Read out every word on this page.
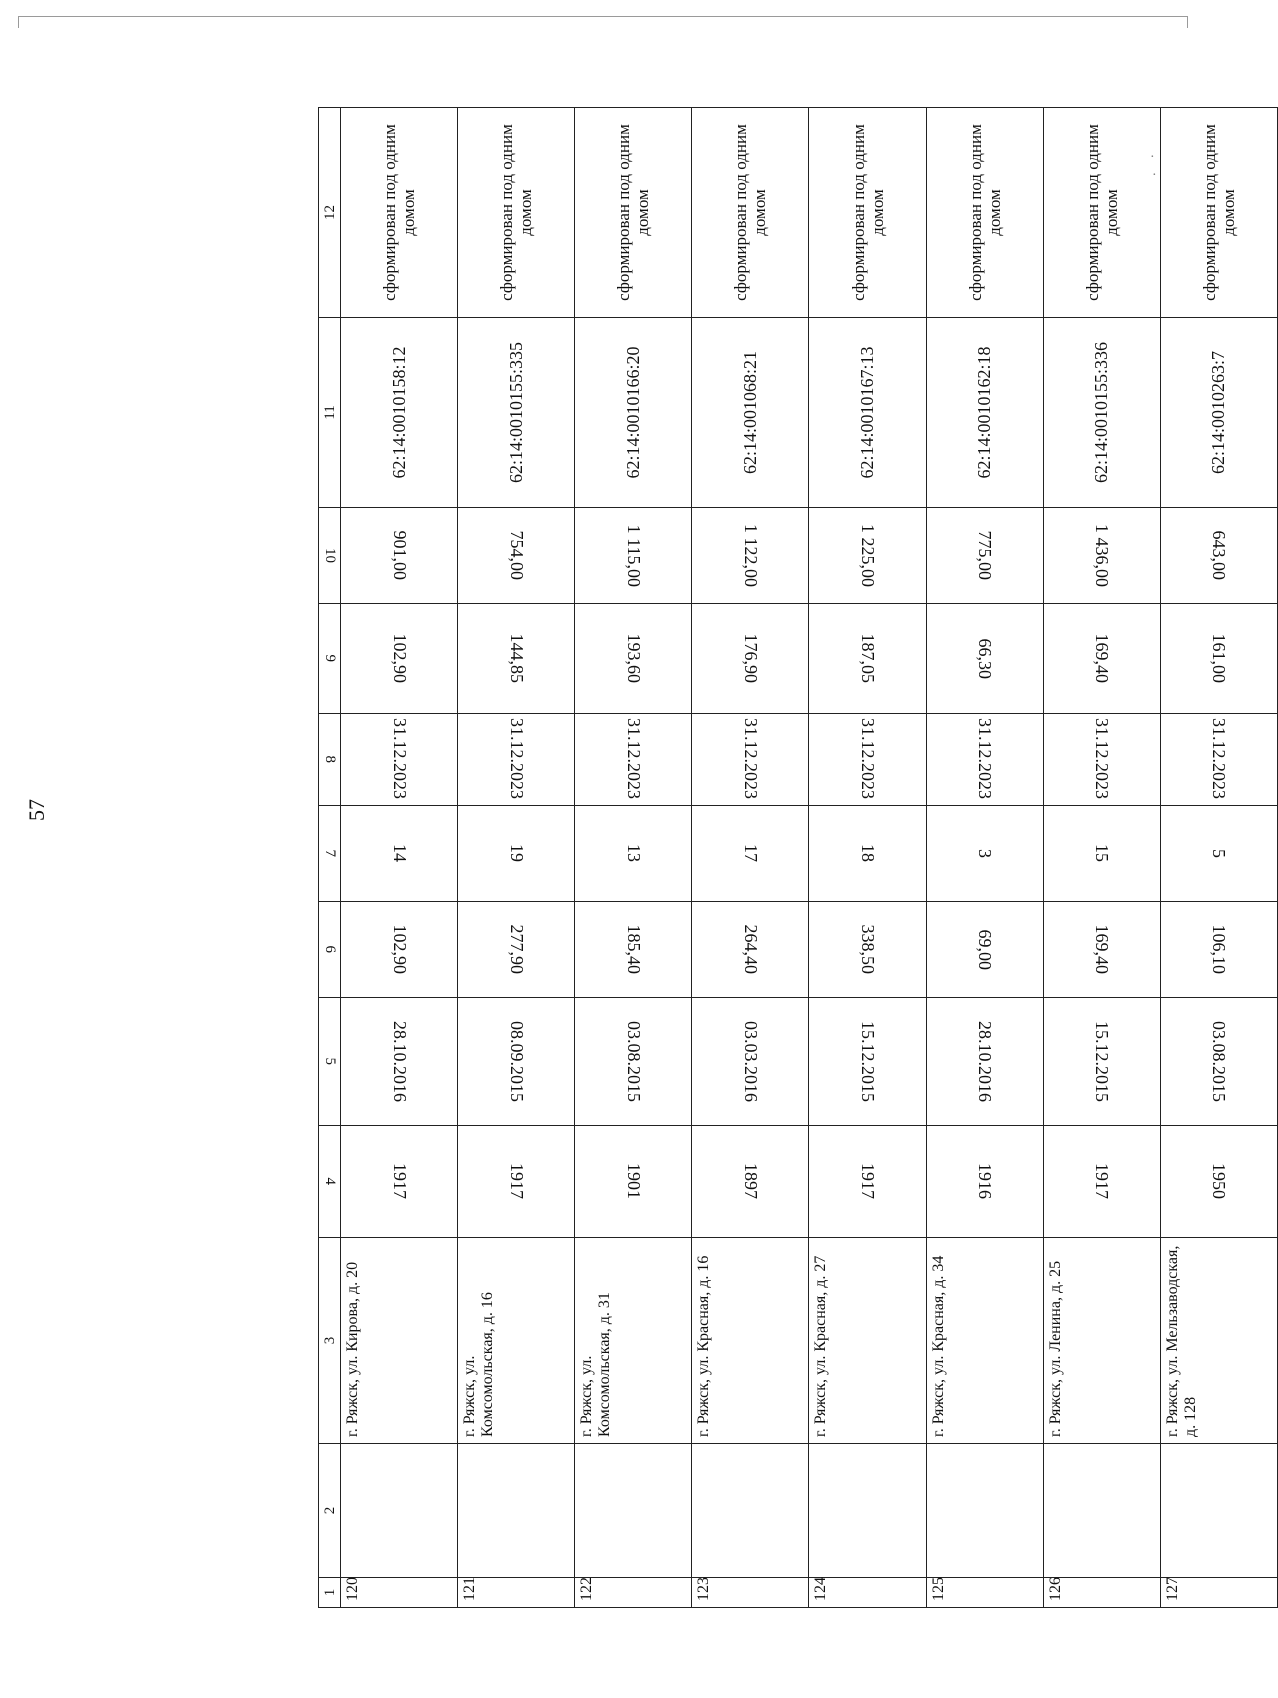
·
·
57
1	2	3	4	5	6	7	8	9	10	11	12
120		г. Ряжск, ул. Кирова, д. 20	1917	28.10.2016	102,90	14	31.12.2023	102,90	901,00	62:14:0010158:12	сформирован под одним домом
121		г. Ряжск, ул. Комсомольская, д. 16	1917	08.09.2015	277,90	19	31.12.2023	144,85	754,00	62:14:0010155:335	сформирован под одним домом
122		г. Ряжск, ул. Комсомольская, д. 31	1901	03.08.2015	185,40	13	31.12.2023	193,60	1 115,00	62:14:0010166:20	сформирован под одним домом
123		г. Ряжск, ул. Красная, д. 16	1897	03.03.2016	264,40	17	31.12.2023	176,90	1 122,00	62:14:001068:21	сформирован под одним домом
124		г. Ряжск, ул. Красная, д. 27	1917	15.12.2015	338,50	18	31.12.2023	187,05	1 225,00	62:14:0010167:13	сформирован под одним домом
125		г. Ряжск, ул. Красная, д. 34	1916	28.10.2016	69,00	3	31.12.2023	66,30	775,00	62:14:0010162:18	сформирован под одним домом
126		г. Ряжск, ул. Ленина, д. 25	1917	15.12.2015	169,40	15	31.12.2023	169,40	1 436,00	62:14:0010155:336	сформирован под одним домом
127		г. Ряжск, ул. Мельзаводская, д. 128	1950	03.08.2015	106,10	5	31.12.2023	161,00	643,00	62:14:0010263:7	сформирован под одним домом
